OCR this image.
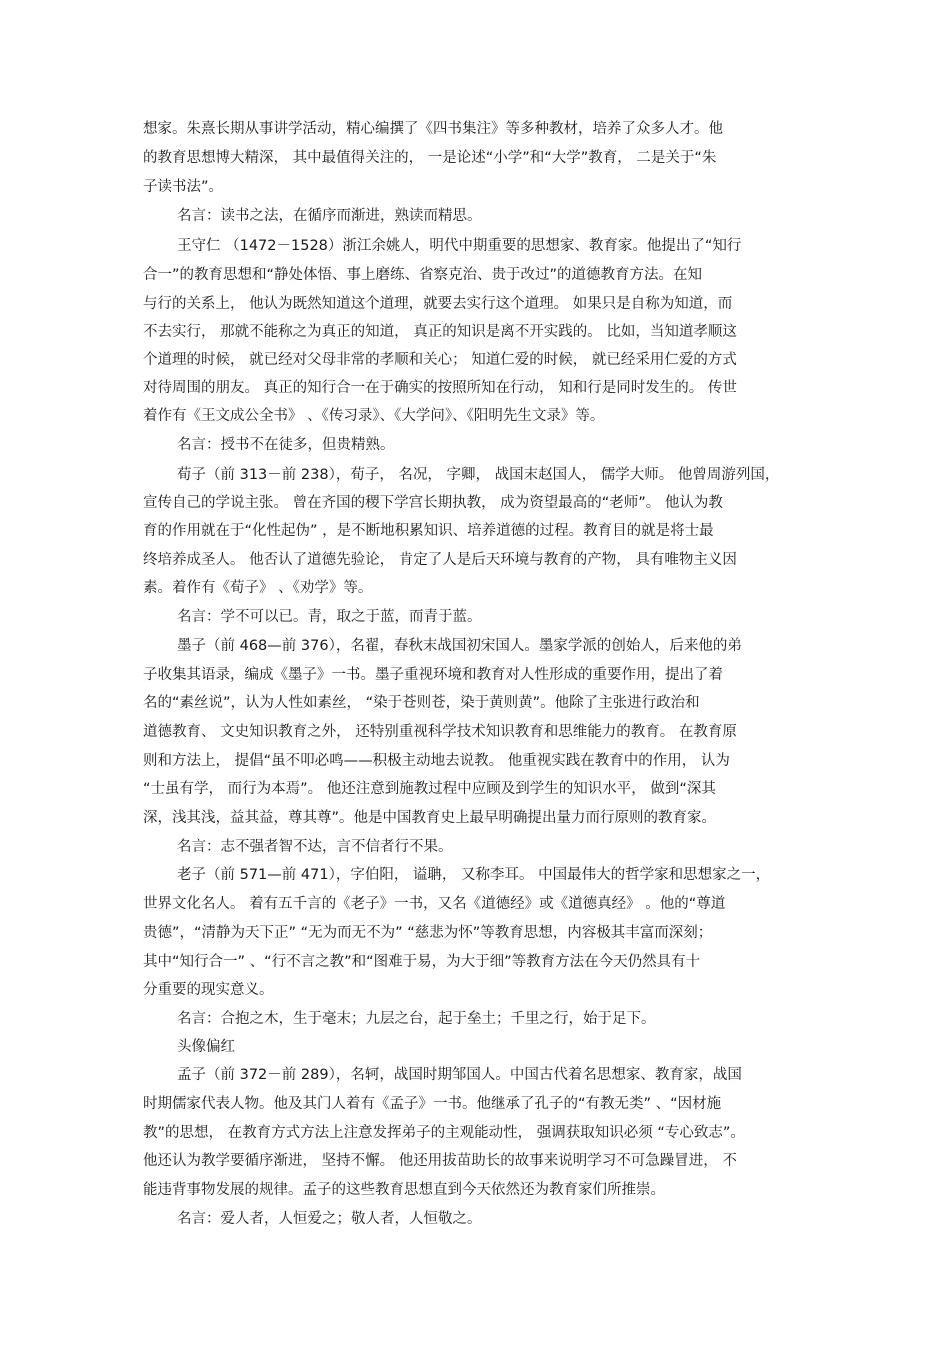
想家。朱熹长期从事讲学活动，精心编撰了《四书集注》等多种教材，培养了众多人才。他
的教育思想博大精深， 其中最值得关注的， 一是论述“小学”和“大学”教育， 二是关于“朱
子读书法”。
名言：读书之法，在循序而渐进，熟读而精思。
王守仁 （1472－1528）浙江余姚人，明代中期重要的思想家、教育家。他提出了“知行
合一”的教育思想和“静处体悟、事上磨练、省察克治、贵于改过”的道德教育方法。在知
与行的关系上， 他认为既然知道这个道理，就要去实行这个道理。 如果只是自称为知道，而
不去实行， 那就不能称之为真正的知道， 真正的知识是离不开实践的。 比如，当知道孝顺这
个道理的时候， 就已经对父母非常的孝顺和关心； 知道仁爱的时候， 就已经采用仁爱的方式
对待周围的朋友。 真正的知行合一在于确实的按照所知在行动， 知和行是同时发生的。 传世
着作有《王文成公全书》 、《传习录》、《大学问》、《阳明先生文录》等。
名言：授书不在徒多，但贵精熟。
荀子（前 313－前 238），荀子， 名况， 字卿， 战国末赵国人， 儒学大师。 他曾周游列国，
宣传自己的学说主张。 曾在齐国的稷下学宫长期执教， 成为资望最高的“老师”。 他认为教
育的作用就在于“化性起伪” ，是不断地积累知识、培养道德的过程。教育目的就是将士最
终培养成圣人。 他否认了道德先验论， 肯定了人是后天环境与教育的产物， 具有唯物主义因
素。着作有《荀子》 、《劝学》等。
名言：学不可以已。青，取之于蓝，而青于蓝。
墨子（前 468—前 376），名翟，春秋末战国初宋国人。墨家学派的创始人，后来他的弟
子收集其语录，编成《墨子》一书。墨子重视环境和教育对人性形成的重要作用，提出了着
名的“素丝说”，认为人性如素丝， “染于苍则苍，染于黄则黄”。他除了主张进行政治和
道德教育、 文史知识教育之外， 还特别重视科学技术知识教育和思维能力的教育。 在教育原
则和方法上， 提倡“虽不叩必鸣——积极主动地去说教。 他重视实践在教育中的作用， 认为
“士虽有学， 而行为本焉”。 他还注意到施教过程中应顾及到学生的知识水平， 做到“深其
深，浅其浅，益其益，尊其尊”。他是中国教育史上最早明确提出量力而行原则的教育家。
名言：志不强者智不达，言不信者行不果。
老子（前 571—前 471），字伯阳， 谥聃， 又称李耳。 中国最伟大的哲学家和思想家之一，
世界文化名人。 着有五千言的《老子》一书，又名《道德经》或《道德真经》 。他的“尊道
贵德”，“清静为天下正” “无为而无不为” “慈悲为怀”等教育思想，内容极其丰富而深刻；
其中“知行合一” 、“行不言之教”和“图难于易，为大于细”等教育方法在今天仍然具有十
分重要的现实意义。
名言：合抱之木，生于毫末；九层之台，起于垒土；千里之行，始于足下。
头像偏红
孟子（前 372－前 289），名轲，战国时期邹国人。中国古代着名思想家、教育家，战国
时期儒家代表人物。他及其门人着有《孟子》一书。他继承了孔子的“有教无类” 、“因材施
教”的思想， 在教育方式方法上注意发挥弟子的主观能动性， 强调获取知识必须 “专心致志”。
他还认为教学要循序渐进， 坚持不懈。 他还用拔苗助长的故事来说明学习不可急躁冒进， 不
能违背事物发展的规律。孟子的这些教育思想直到今天依然还为教育家们所推崇。
名言：爱人者，人恒爱之；敬人者，人恒敬之。
